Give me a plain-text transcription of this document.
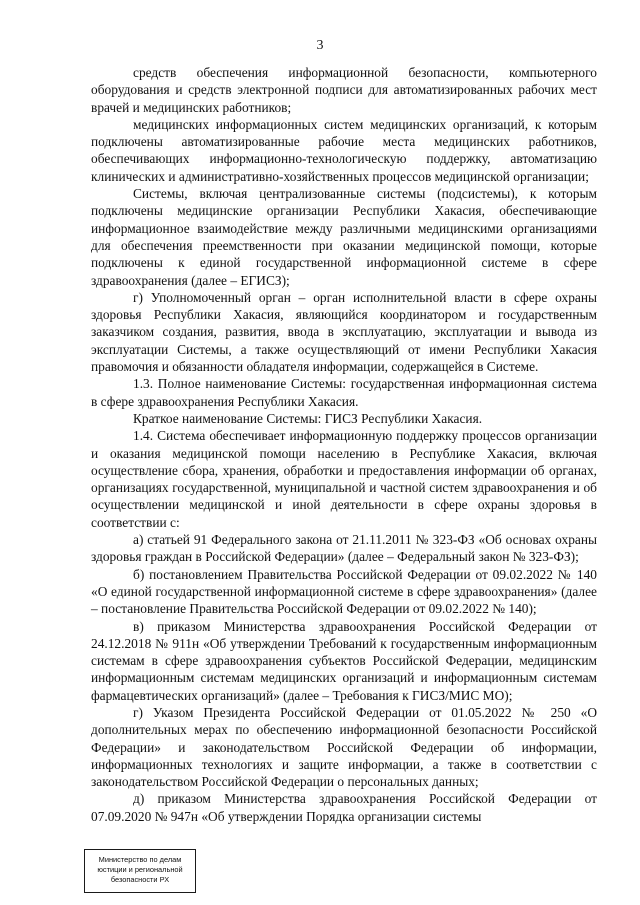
3

средств обеспечения информационной безопасности, компьютерного оборудования и средств электронной подписи для автоматизированных рабочих мест врачей и медицинских работников;

медицинских информационных систем медицинских организаций, к которым подключены автоматизированные рабочие места медицинских работников, обеспечивающих информационно-технологическую поддержку, автоматизацию клинических и административно-хозяйственных процессов медицинской организации;

Системы, включая централизованные системы (подсистемы), к которым подключены медицинские организации Республики Хакасия, обеспечивающие информационное взаимодействие между различными медицинскими организациями для обеспечения преемственности при оказании медицинской помощи, которые подключены к единой государственной информационной системе в сфере здравоохранения (далее – ЕГИСЗ);

г) Уполномоченный орган – орган исполнительной власти в сфере охраны здоровья Республики Хакасия, являющийся координатором и государственным заказчиком создания, развития, ввода в эксплуатацию, эксплуатации и вывода из эксплуатации Системы, а также осуществляющий от имени Республики Хакасия правомочия и обязанности обладателя информации, содержащейся в Системе.

1.3. Полное наименование Системы: государственная информационная система в сфере здравоохранения Республики Хакасия.

Краткое наименование Системы: ГИСЗ Республики Хакасия.

1.4. Система обеспечивает информационную поддержку процессов организации и оказания медицинской помощи населению в Республике Хакасия, включая осуществление сбора, хранения, обработки и предоставления информации об органах, организациях государственной, муниципальной и частной систем здравоохранения и об осуществлении медицинской и иной деятельности в сфере охраны здоровья в соответствии с:

а) статьей 91 Федерального закона от 21.11.2011 № 323-ФЗ «Об основах охраны здоровья граждан в Российской Федерации» (далее – Федеральный закон № 323-ФЗ);

б) постановлением Правительства Российской Федерации от 09.02.2022 № 140 «О единой государственной информационной системе в сфере здравоохранения» (далее – постановление Правительства Российской Федерации от 09.02.2022 № 140);

в) приказом Министерства здравоохранения Российской Федерации от 24.12.2018 № 911н «Об утверждении Требований к государственным информационным системам в сфере здравоохранения субъектов Российской Федерации, медицинским информационным системам медицинских организаций и информационным системам фармацевтических организаций» (далее – Требования к ГИСЗ/МИС МО);

г) Указом Президента Российской Федерации от 01.05.2022 № 250 «О дополнительных мерах по обеспечению информационной безопасности Российской Федерации» и законодательством Российской Федерации об информации, информационных технологиях и защите информации, а также в соответствии с законодательством Российской Федерации о персональных данных;

д) приказом Министерства здравоохранения Российской Федерации от 07.09.2020 № 947н «Об утверждении Порядка организации системы

Министерство по делам
юстиции и региональной
безопасности РХ
